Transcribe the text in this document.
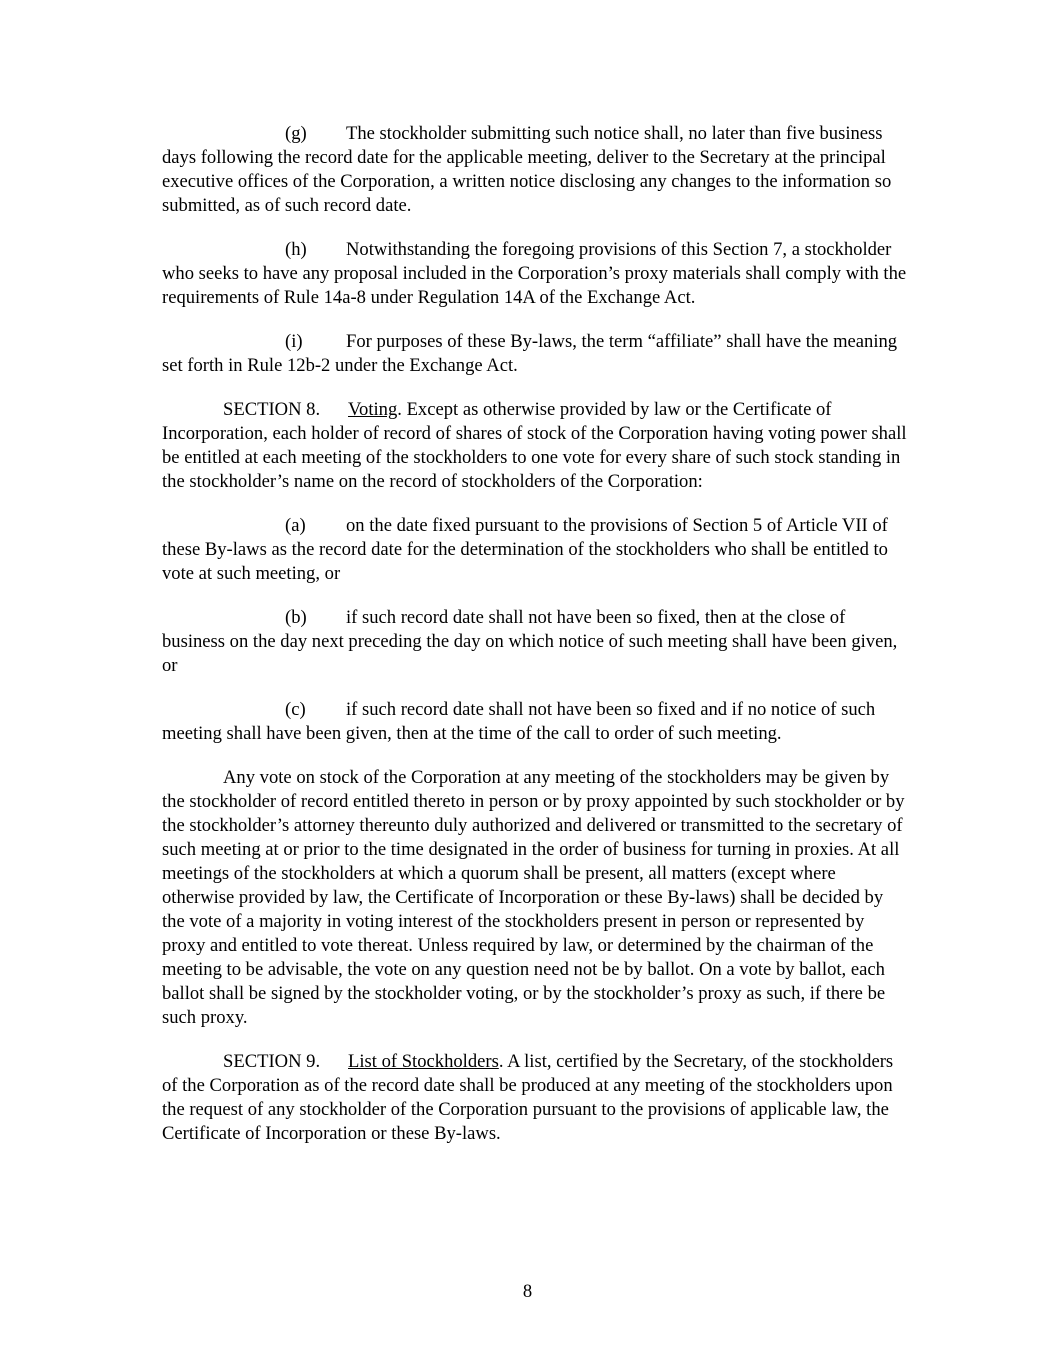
(g) The stockholder submitting such notice shall, no later than five business days following the record date for the applicable meeting, deliver to the Secretary at the principal executive offices of the Corporation, a written notice disclosing any changes to the information so submitted, as of such record date.

(h) Notwithstanding the foregoing provisions of this Section 7, a stockholder who seeks to have any proposal included in the Corporation’s proxy materials shall comply with the requirements of Rule 14a-8 under Regulation 14A of the Exchange Act.

(i) For purposes of these By-laws, the term “affiliate” shall have the meaning set forth in Rule 12b-2 under the Exchange Act.

SECTION 8. Voting. Except as otherwise provided by law or the Certificate of Incorporation, each holder of record of shares of stock of the Corporation having voting power shall be entitled at each meeting of the stockholders to one vote for every share of such stock standing in the stockholder’s name on the record of stockholders of the Corporation:

(a) on the date fixed pursuant to the provisions of Section 5 of Article VII of these By-laws as the record date for the determination of the stockholders who shall be entitled to vote at such meeting, or

(b) if such record date shall not have been so fixed, then at the close of business on the day next preceding the day on which notice of such meeting shall have been given, or

(c) if such record date shall not have been so fixed and if no notice of such meeting shall have been given, then at the time of the call to order of such meeting.

Any vote on stock of the Corporation at any meeting of the stockholders may be given by the stockholder of record entitled thereto in person or by proxy appointed by such stockholder or by the stockholder’s attorney thereunto duly authorized and delivered or transmitted to the secretary of such meeting at or prior to the time designated in the order of business for turning in proxies. At all meetings of the stockholders at which a quorum shall be present, all matters (except where otherwise provided by law, the Certificate of Incorporation or these By-laws) shall be decided by the vote of a majority in voting interest of the stockholders present in person or represented by proxy and entitled to vote thereat. Unless required by law, or determined by the chairman of the meeting to be advisable, the vote on any question need not be by ballot. On a vote by ballot, each ballot shall be signed by the stockholder voting, or by the stockholder’s proxy as such, if there be such proxy.

SECTION 9. List of Stockholders. A list, certified by the Secretary, of the stockholders of the Corporation as of the record date shall be produced at any meeting of the stockholders upon the request of any stockholder of the Corporation pursuant to the provisions of applicable law, the Certificate of Incorporation or these By-laws.

8
